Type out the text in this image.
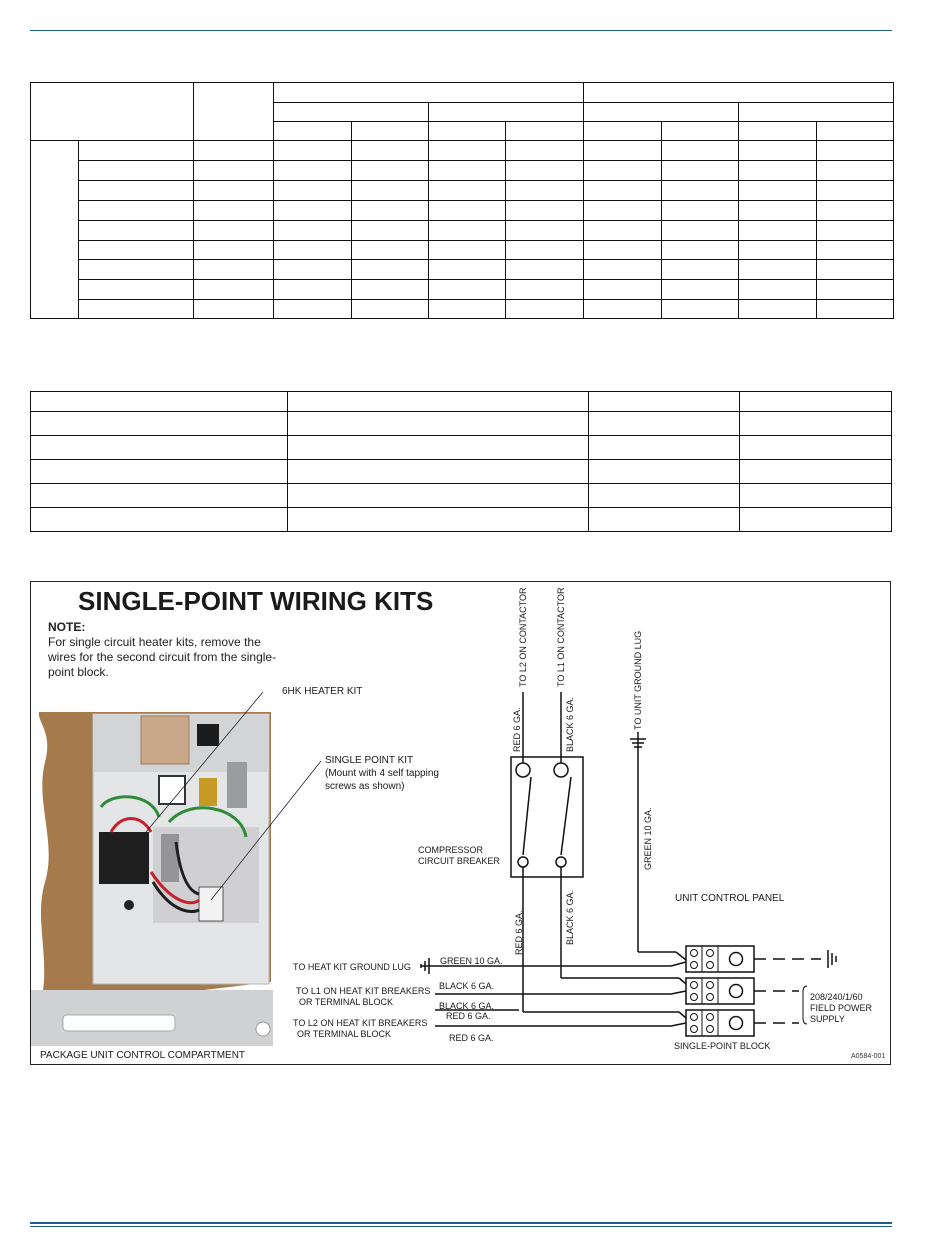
SINGLE-POINT WIRING KITS
NOTE:
For single circuit heater kits, remove the wires for the second circuit from the single-point block.
6HK HEATER KIT
SINGLE POINT KIT
(Mount with 4 self tapping
screws as shown)
COMPRESSOR
CIRCUIT BREAKER
UNIT CONTROL PANEL
TO L2 ON CONTACTOR	TO L1 ON CONTACTOR	TO UNIT GROUND LUG
RED 6 GA.	BLACK 6 GA.
GREEN 10 GA.
RED 6 GA.	BLACK 6 GA.
GREEN 10 GA.
BLACK 6 GA.
BLACK 6 GA.
RED 6 GA.
RED 6 GA.
TO HEAT KIT GROUND LUG
TO L1 ON HEAT KIT BREAKERS
OR TERMINAL BLOCK
TO L2 ON HEAT KIT BREAKERS
OR TERMINAL BLOCK
208/240/1/60
FIELD POWER
SUPPLY
SINGLE-POINT BLOCK
PACKAGE UNIT CONTROL COMPARTMENT	A0584-001
